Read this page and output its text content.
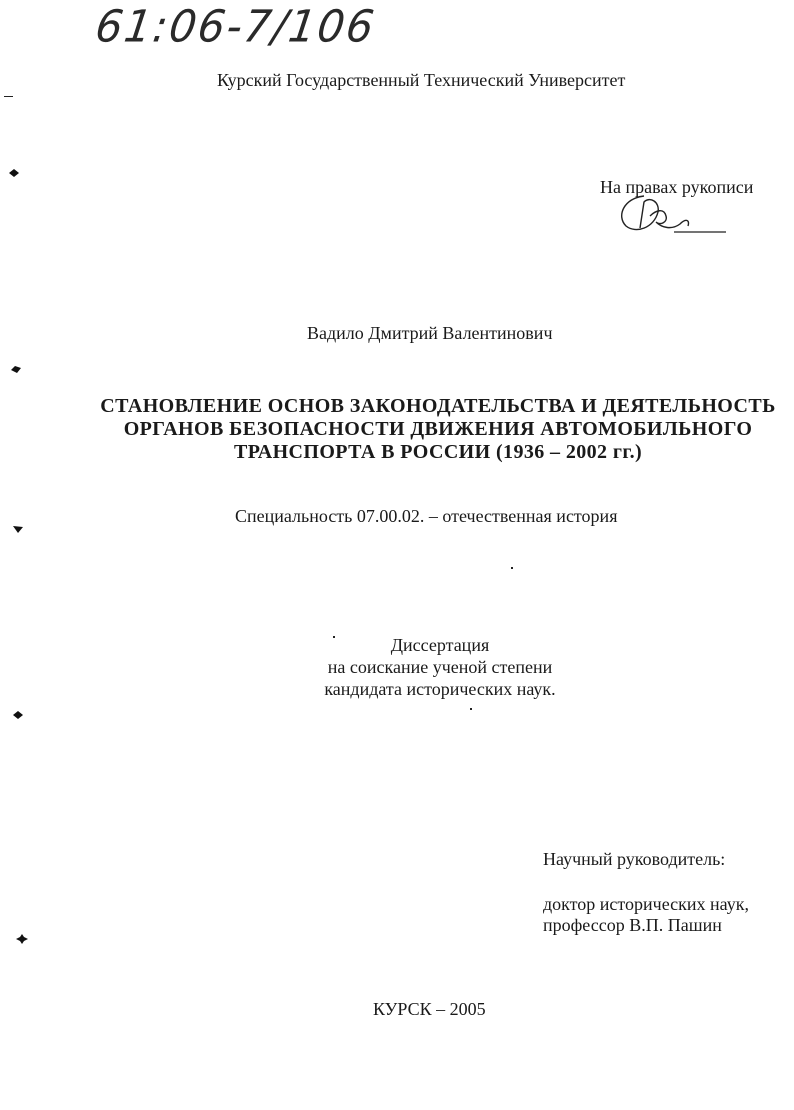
61:06-7/106
Курский Государственный Технический Университет
На правах рукописи
Вадило Дмитрий Валентинович
СТАНОВЛЕНИЕ ОСНОВ ЗАКОНОДАТЕЛЬСТВА И ДЕЯТЕЛЬНОСТЬ
ОРГАНОВ БЕЗОПАСНОСТИ ДВИЖЕНИЯ АВТОМОБИЛЬНОГО
ТРАНСПОРТА В РОССИИ (1936 – 2002 гг.)
Специальность 07.00.02. – отечественная история
Диссертация
на соискание ученой степени
кандидата исторических наук.
Научный руководитель:
доктор исторических наук,
профессор В.П. Пашин
КУРСК – 2005
